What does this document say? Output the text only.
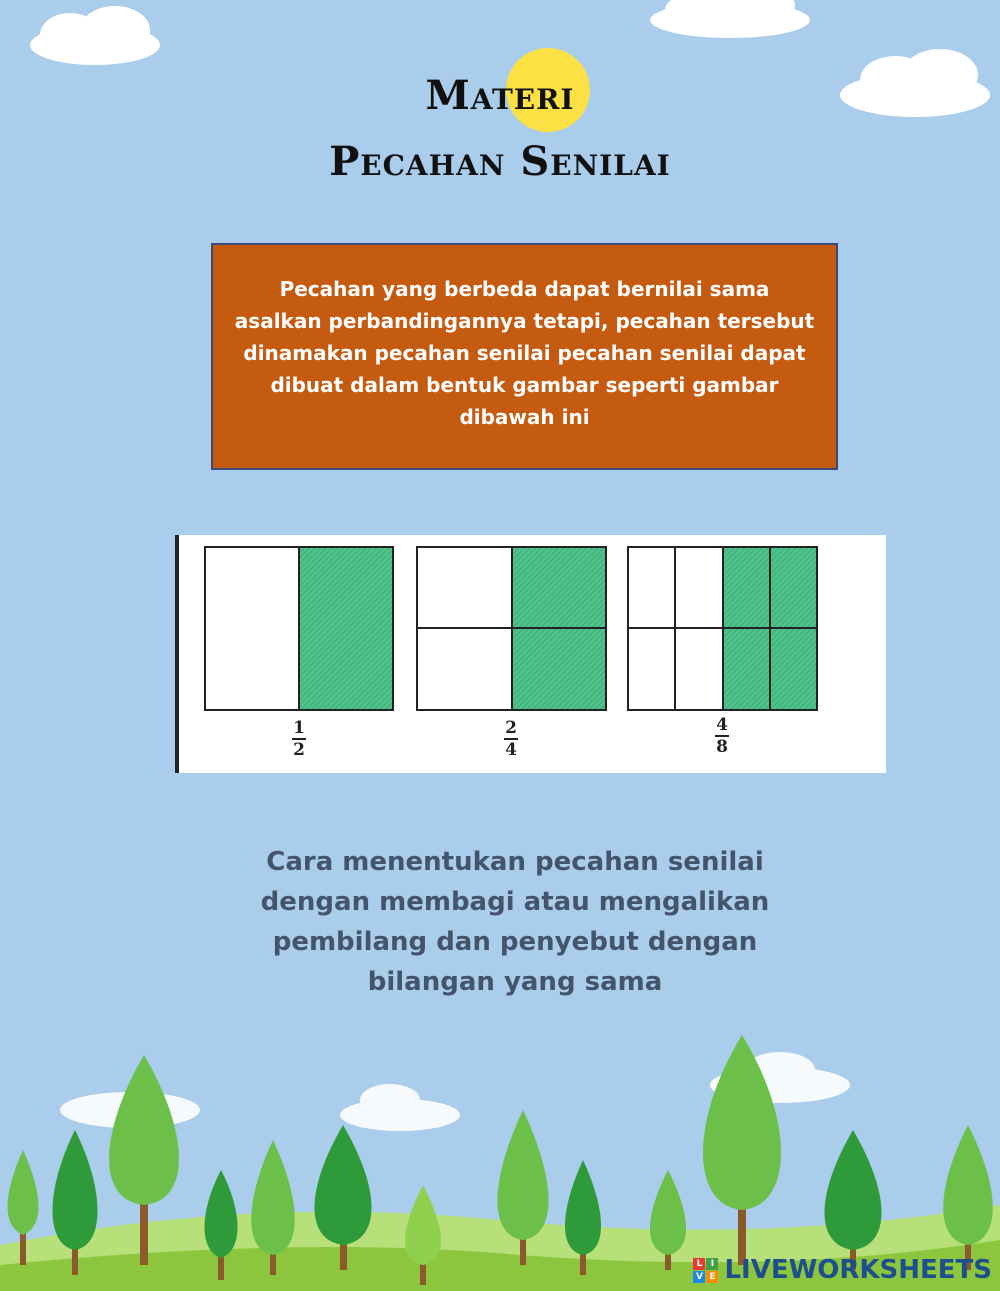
Materi
Pecahan Senilai
Pecahan yang berbeda dapat bernilai sama
asalkan perbandingannya tetapi, pecahan tersebut
dinamakan pecahan senilai pecahan senilai dapat
dibuat dalam bentuk gambar seperti gambar
dibawah ini
1
2
2
4
4
8
Cara menentukan pecahan senilai
dengan membagi atau mengalikan
pembilang dan penyebut dengan
bilangan yang sama
L I
V E LIVEWORKSHEETS
